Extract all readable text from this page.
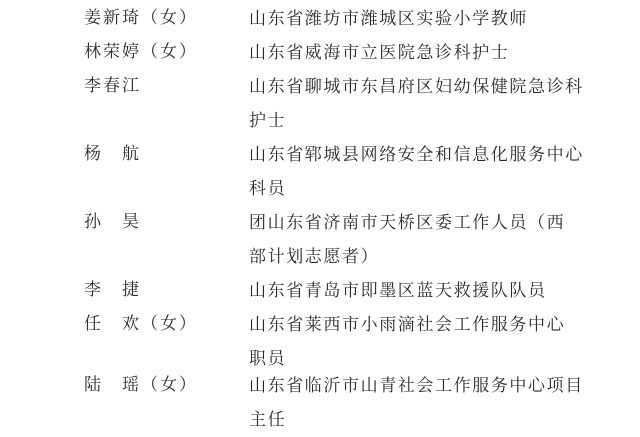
姜新琦（女）	山东省潍坊市潍城区实验小学教师
林荣婷（女）	山东省威海市立医院急诊科护士
李春江	山东省聊城市东昌府区妇幼保健院急诊科
护士
杨　航	山东省郓城县网络安全和信息化服务中心
科员
孙　昊	团山东省济南市天桥区委工作人员（西
部计划志愿者）
李　捷	山东省青岛市即墨区蓝天救援队队员
任　欢（女）	山东省莱西市小雨滴社会工作服务中心
职员
陆　瑶（女）	山东省临沂市山青社会工作服务中心项目
主任
